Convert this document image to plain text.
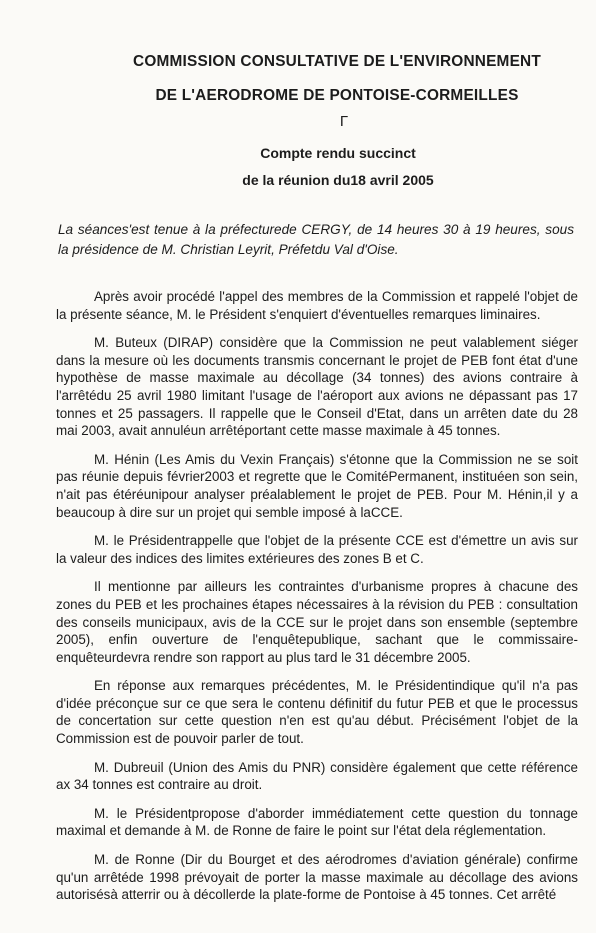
COMMISSION CONSULTATIVE DE L'ENVIRONNEMENT
DE L'AERODROME DE PONTOISE-CORMEILLES
Γ
Compte rendu succinct
de la réunion du18 avril 2005
La séances'est tenue à la préfecturede CERGY, de 14 heures 30 à 19 heures, sous la présidence de M. Christian Leyrit, Préfetdu Val d'Oise.

Après avoir procédé l'appel des membres de la Commission et rappelé l'objet de la présente séance, M. le Président s'enquiert d'éventuelles remarques liminaires.

M. Buteux (DIRAP) considère que la Commission ne peut valablement siéger dans la mesure où les documents transmis concernant le projet de PEB font état d'une hypothèse de masse maximale au décollage (34 tonnes) des avions contraire à l'arrêtédu 25 avril 1980 limitant l'usage de l'aéroport aux avions ne dépassant pas 17 tonnes et 25 passagers. Il rappelle que le Conseil d'Etat, dans un arrêten date du 28 mai 2003, avait annuléun arrêtéportant cette masse maximale à 45 tonnes.

M. Hénin (Les Amis du Vexin Français) s'étonne que la Commission ne se soit pas réunie depuis février2003 et regrette que le ComitéPermanent, instituéen son sein, n'ait pas étéréunipour analyser préalablement le projet de PEB. Pour M. Hénin,il y a beaucoup à dire sur un projet qui semble imposé à laCCE.

M. le Présidentrappelle que l'objet de la présente CCE est d'émettre un avis sur la valeur des indices des limites extérieures des zones B et C.

Il mentionne par ailleurs les contraintes d'urbanisme propres à chacune des zones du PEB et les prochaines étapes nécessaires à la révision du PEB : consultation des conseils municipaux, avis de la CCE sur le projet dans son ensemble (septembre 2005), enfin ouverture de l'enquêtepublique, sachant que le commissaire-enquêteurdevra rendre son rapport au plus tard le 31 décembre 2005.

En réponse aux remarques précédentes, M. le Présidentindique qu'il n'a pas d'idée préconçue sur ce que sera le contenu définitif du futur PEB et que le processus de concertation sur cette question n'en est qu'au début. Précisément l'objet de la Commission est de pouvoir parler de tout.

M. Dubreuil (Union des Amis du PNR) considère également que cette référence ax 34 tonnes est contraire au droit.

M. le Présidentpropose d'aborder immédiatement cette question du tonnage maximal et demande à M. de Ronne de faire le point sur l'état dela réglementation.

M. de Ronne (Dir du Bourget et des aérodromes d'aviation générale) confirme qu'un arrêtéde 1998 prévoyait de porter la masse maximale au décollage des avions autorisésà atterrir ou à décollerde la plate-forme de Pontoise à 45 tonnes. Cet arrêté
